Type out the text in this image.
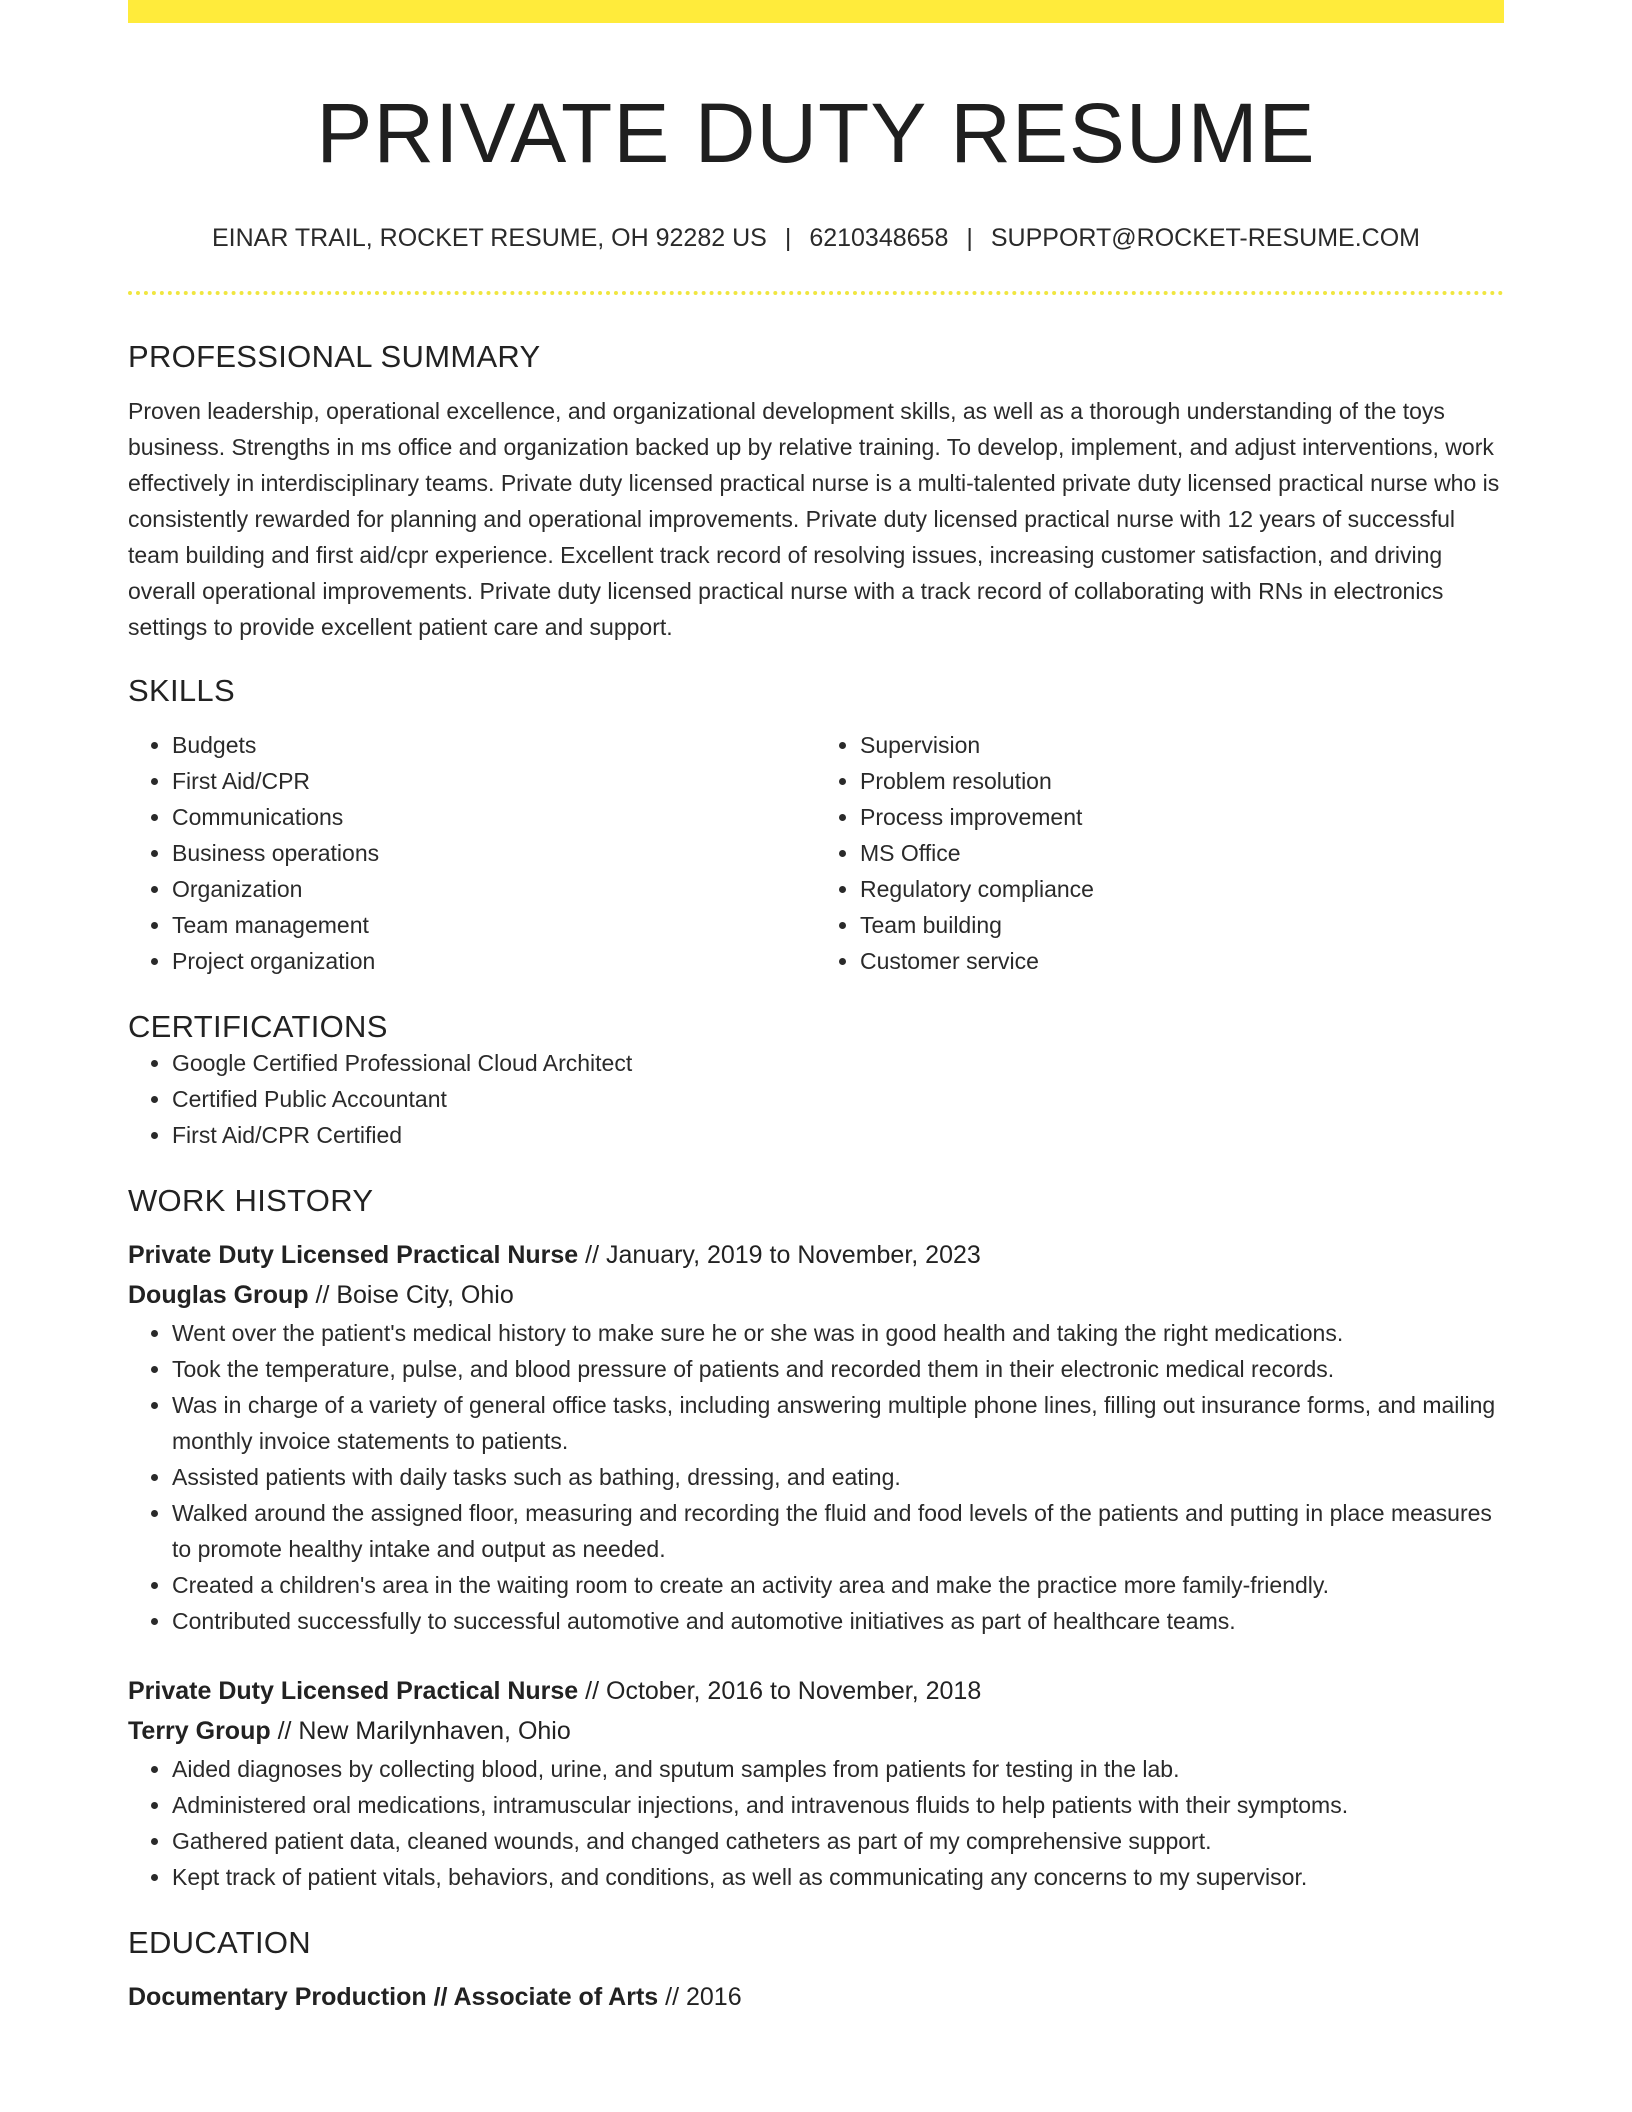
PRIVATE DUTY RESUME
EINAR TRAIL, ROCKET RESUME, OH 92282 US | 6210348658 | SUPPORT@ROCKET-RESUME.COM
PROFESSIONAL SUMMARY

Proven leadership, operational excellence, and organizational development skills, as well as a thorough understanding of the toys business. Strengths in ms office and organization backed up by relative training. To develop, implement, and adjust interventions, work effectively in interdisciplinary teams. Private duty licensed practical nurse is a multi-talented private duty licensed practical nurse who is consistently rewarded for planning and operational improvements. Private duty licensed practical nurse with 12 years of successful team building and first aid/cpr experience. Excellent track record of resolving issues, increasing customer satisfaction, and driving overall operational improvements. Private duty licensed practical nurse with a track record of collaborating with RNs in electronics settings to provide excellent patient care and support.

SKILLS
• Budgets
• First Aid/CPR
• Communications
• Business operations
• Organization
• Team management
• Project organization
• Supervision
• Problem resolution
• Process improvement
• MS Office
• Regulatory compliance
• Team building
• Customer service
CERTIFICATIONS
• Google Certified Professional Cloud Architect
• Certified Public Accountant
• First Aid/CPR Certified
WORK HISTORY
Private Duty Licensed Practical Nurse // January, 2019 to November, 2023
Douglas Group // Boise City, Ohio
• Went over the patient's medical history to make sure he or she was in good health and taking the right medications.
• Took the temperature, pulse, and blood pressure of patients and recorded them in their electronic medical records.
• Was in charge of a variety of general office tasks, including answering multiple phone lines, filling out insurance forms, and mailing monthly invoice statements to patients.
• Assisted patients with daily tasks such as bathing, dressing, and eating.
• Walked around the assigned floor, measuring and recording the fluid and food levels of the patients and putting in place measures to promote healthy intake and output as needed.
• Created a children's area in the waiting room to create an activity area and make the practice more family-friendly.
• Contributed successfully to successful automotive and automotive initiatives as part of healthcare teams.
Private Duty Licensed Practical Nurse // October, 2016 to November, 2018
Terry Group // New Marilynhaven, Ohio
• Aided diagnoses by collecting blood, urine, and sputum samples from patients for testing in the lab.
• Administered oral medications, intramuscular injections, and intravenous fluids to help patients with their symptoms.
• Gathered patient data, cleaned wounds, and changed catheters as part of my comprehensive support.
• Kept track of patient vitals, behaviors, and conditions, as well as communicating any concerns to my supervisor.
EDUCATION
Documentary Production // Associate of Arts // 2016
